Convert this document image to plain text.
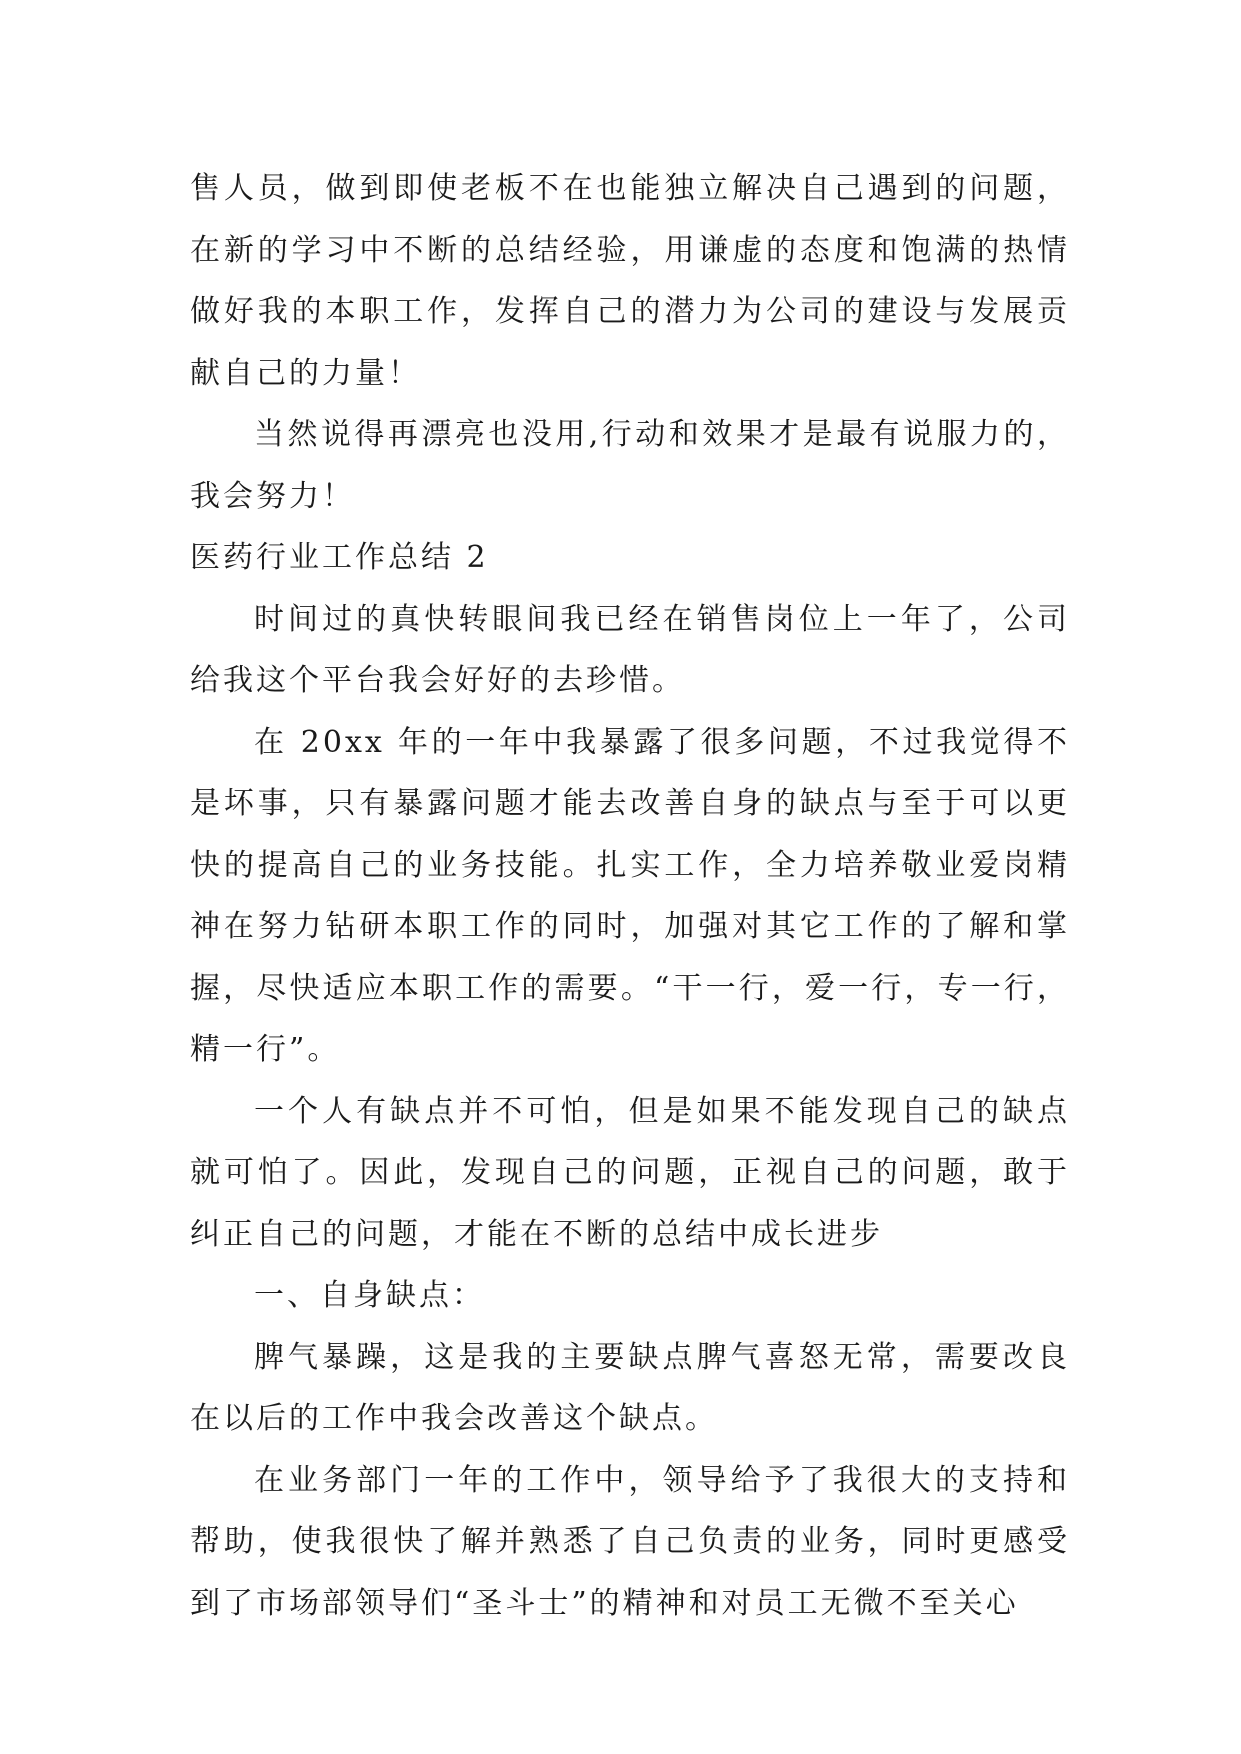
售人员，做到即使老板不在也能独立解决自己遇到的问题，在新的学习中不断的总结经验，用谦虚的态度和饱满的热情做好我的本职工作，发挥自己的潜力为公司的建设与发展贡献自己的力量！

当然说得再漂亮也没用,行动和效果才是最有说服力的，我会努力！

医药行业工作总结 2

时间过的真快转眼间我已经在销售岗位上一年了，公司给我这个平台我会好好的去珍惜。

在 20xx 年的一年中我暴露了很多问题，不过我觉得不是坏事，只有暴露问题才能去改善自身的缺点与至于可以更快的提高自己的业务技能。扎实工作，全力培养敬业爱岗精神在努力钻研本职工作的同时，加强对其它工作的了解和掌握，尽快适应本职工作的需要。“干一行，爱一行，专一行，精一行”。

一个人有缺点并不可怕，但是如果不能发现自己的缺点就可怕了。因此，发现自己的问题，正视自己的问题，敢于纠正自己的问题，才能在不断的总结中成长进步

一、自身缺点：

脾气暴躁，这是我的主要缺点脾气喜怒无常，需要改良在以后的工作中我会改善这个缺点。

在业务部门一年的工作中，领导给予了我很大的支持和帮助，使我很快了解并熟悉了自己负责的业务，同时更感受到了市场部领导们“圣斗士”的精神和对员工无微不至关心
